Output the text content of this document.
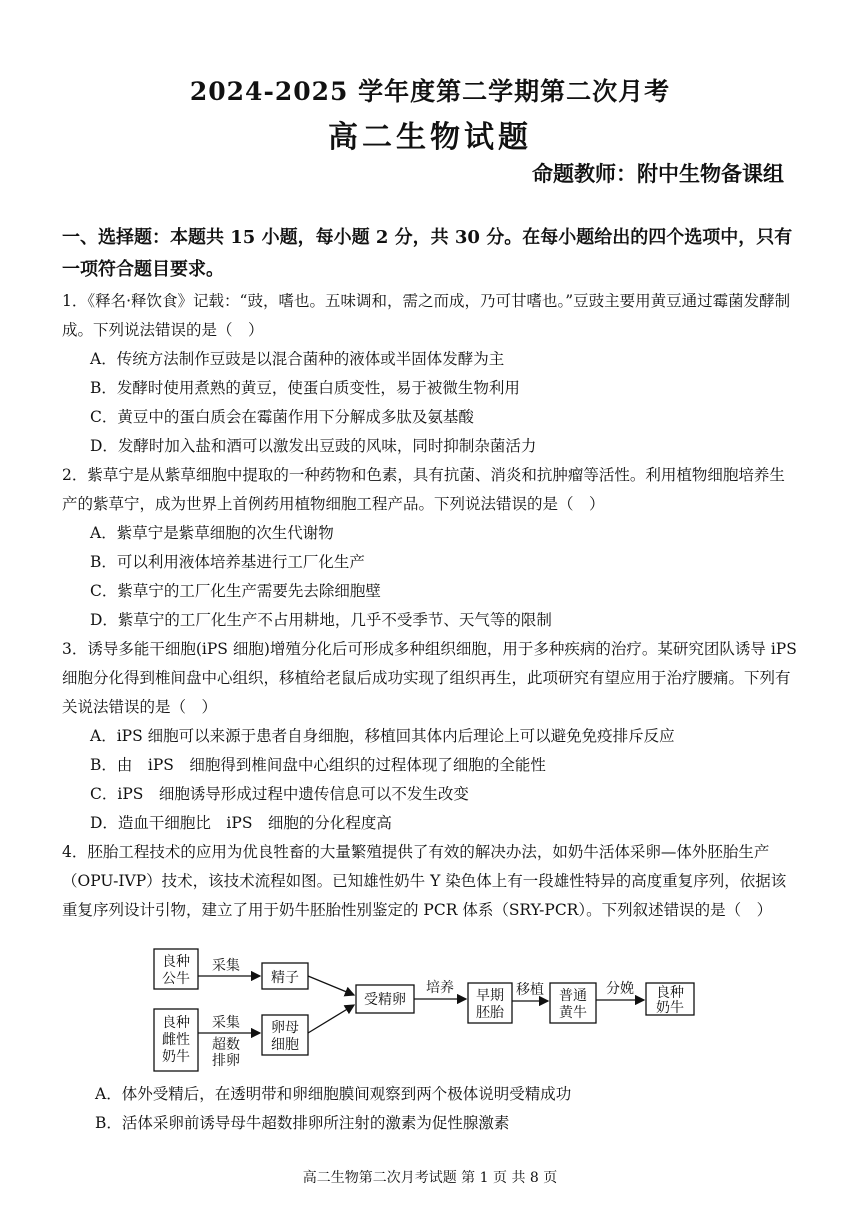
2024-2025 学年度第二学期第二次月考
高二生物试题
命题教师：附中生物备课组
一、选择题：本题共 15 小题，每小题 2 分，共 30 分。在每小题给出的四个选项中，只有一项符合题目要求。
1．《释名·释饮食》记载：“豉，嗜也。五味调和，需之而成，乃可甘嗜也。”豆豉主要用黄豆通过霉菌发酵制成。下列说法错误的是（　）
A．传统方法制作豆豉是以混合菌种的液体或半固体发酵为主
B．发酵时使用煮熟的黄豆，使蛋白质变性，易于被微生物利用
C．黄豆中的蛋白质会在霉菌作用下分解成多肽及氨基酸
D．发酵时加入盐和酒可以激发出豆豉的风味，同时抑制杂菌活力
2．紫草宁是从紫草细胞中提取的一种药物和色素，具有抗菌、消炎和抗肿瘤等活性。利用植物细胞培养生产的紫草宁，成为世界上首例药用植物细胞工程产品。下列说法错误的是（　）
A．紫草宁是紫草细胞的次生代谢物
B．可以利用液体培养基进行工厂化生产
C．紫草宁的工厂化生产需要先去除细胞壁
D．紫草宁的工厂化生产不占用耕地，几乎不受季节、天气等的限制
3．诱导多能干细胞(iPS 细胞)增殖分化后可形成多种组织细胞，用于多种疾病的治疗。某研究团队诱导 iPS 细胞分化得到椎间盘中心组织，移植给老鼠后成功实现了组织再生，此项研究有望应用于治疗腰痛。下列有关说法错误的是（　）
A．iPS 细胞可以来源于患者自身细胞，移植回其体内后理论上可以避免免疫排斥反应
B．由　iPS　细胞得到椎间盘中心组织的过程体现了细胞的全能性
C．iPS　细胞诱导形成过程中遗传信息可以不发生改变
D．造血干细胞比　iPS　细胞的分化程度高
4．胚胎工程技术的应用为优良牲畜的大量繁殖提供了有效的解决办法，如奶牛活体采卵—体外胚胎生产（OPU-IVP）技术，该技术流程如图。已知雄性奶牛 Y 染色体上有一段雄性特异的高度重复序列，依据该重复序列设计引物，建立了用于奶牛胚胎性别鉴定的 PCR 体系（SRY-PCR）。下列叙述错误的是（　）
良种
公牛
采集
精子
良种
雌性
奶牛
采集
超数
排卵
卵母
细胞
受精卵
培养 早期
胚胎
移植 普通
黄牛
分娩 良种
奶牛
A．体外受精后，在透明带和卵细胞膜间观察到两个极体说明受精成功
B．活体采卵前诱导母牛超数排卵所注射的激素为促性腺激素
高二生物第二次月考试题 第 1 页 共 8 页
